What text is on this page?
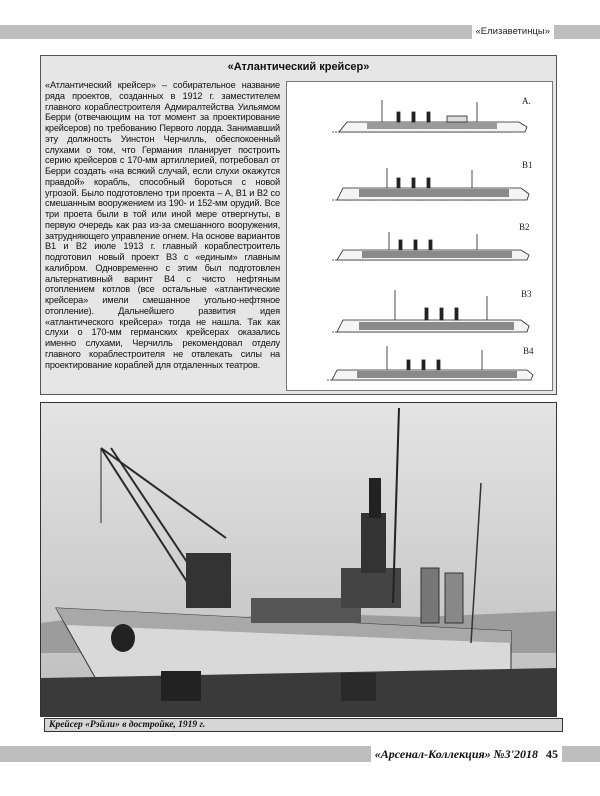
«Елизаветинцы»
«Атлантический крейсер»
«Атлантический крейсер» – собирательное название ряда проектов, созданных в 1912 г. заместителем главного кораблестроителя Адмиралтейства Уильямом Берри (отвечающим на тот момент за проектирование крейсеров) по требованию Первого лорда. Занимавший эту должность Уинстон Черчилль, обеспокоенный слухами о том, что Германия планирует построить серию крейсеров с 170-мм артиллерией, потребовал от Берри создать «на всякий случай, если слухи окажутся правдой» корабль, способный бороться с новой угрозой. Было подготовлено три проекта – A, B1 и B2 со смешанным вооружением из 190- и 152-мм орудий. Все три проета были в той или иной мере отвергнуты, в первую очередь как раз из-за смешанного вооружения, затрудняющего управление огнем. На основе вариантов B1 и B2 июле 1913 г. главный кораблестроитель подготовил новый проект B3 с «единым» главным калибром. Одновременно с этим был подготовлен альтернативный варинт B4 с чисто нефтяным отоплением котлов (все остальные «атлантические крейсера» имели смешанное угольно-нефтяное отопление). Дальнейшего развития идея «атлантического крейсера» тогда не нашла. Так как слухи о 170-мм германских крейсерах оказались именно слухами, Черчилль рекомендовал отделу главного кораблестроителя не отвлекать силы на проектирование кораблей для отдаленных театров.
A.
B1
B2
B3
B4
Крейсер «Рэйли» в достройке, 1919 г.
«Арсенал-Коллекция» №3'2018 45
